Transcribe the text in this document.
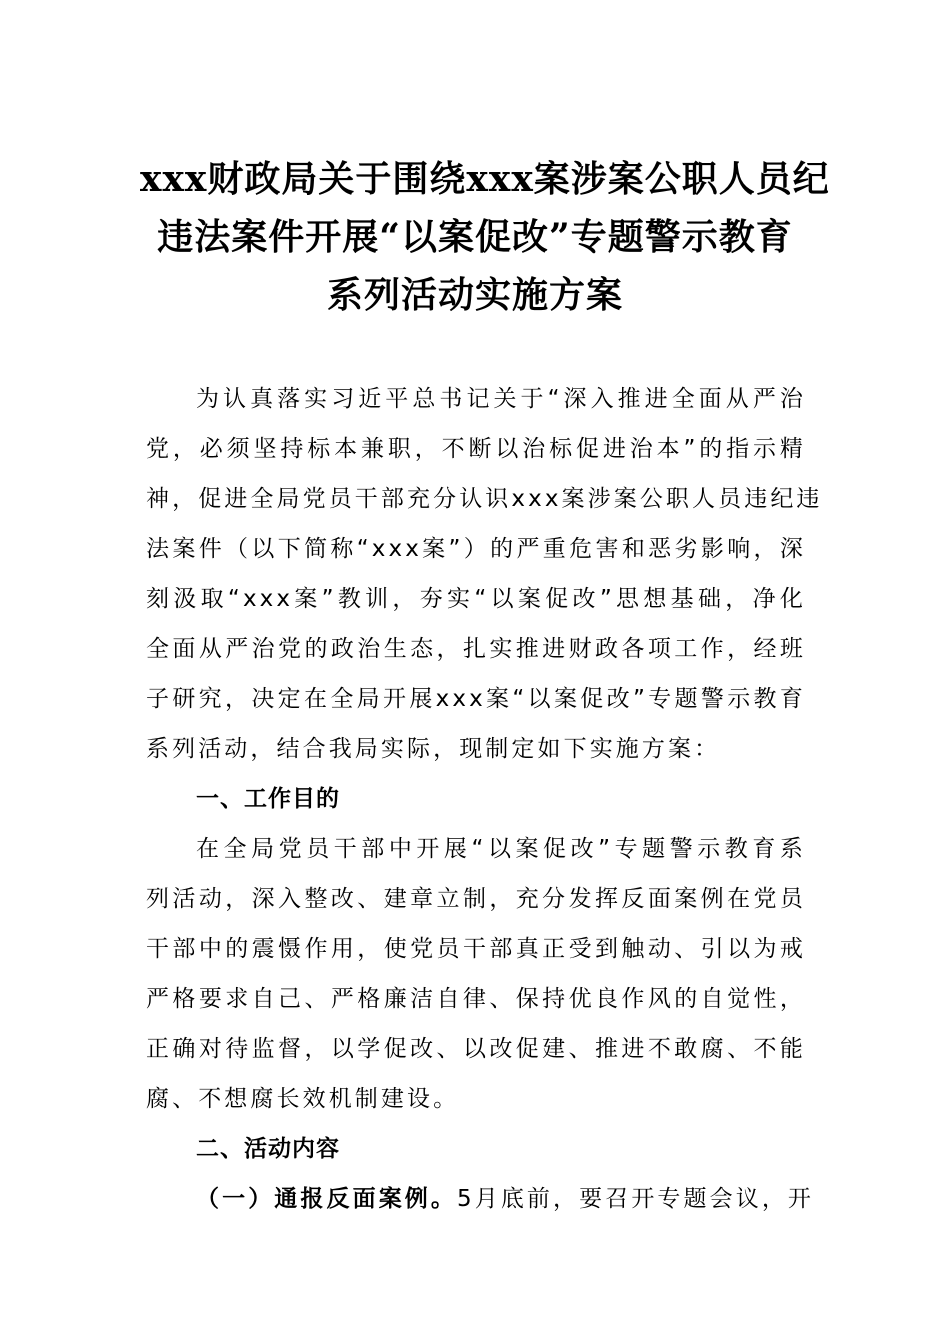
xxx财政局关于围绕xxx案涉案公职人员纪
违法案件开展“以案促改”专题警示教育
系列活动实施方案
为认真落实习近平总书记关于“深入推进全面从严治
党，必须坚持标本兼职，不断以治标促进治本”的指示精
神，促进全局党员干部充分认识xxx案涉案公职人员违纪违
法案件（以下简称“xxx案”）的严重危害和恶劣影响，深
刻汲取“xxx案”教训，夯实“以案促改”思想基础，净化
全面从严治党的政治生态，扎实推进财政各项工作，经班
子研究，决定在全局开展xxx案“以案促改”专题警示教育
系列活动，结合我局实际，现制定如下实施方案：
一、工作目的
在全局党员干部中开展“以案促改”专题警示教育系
列活动，深入整改、建章立制，充分发挥反面案例在党员
干部中的震慑作用，使党员干部真正受到触动、引以为戒
严格要求自己、严格廉洁自律、保持优良作风的自觉性，
正确对待监督，以学促改、以改促建、推进不敢腐、不能
腐、不想腐长效机制建设。
二、活动内容
（一）通报反面案例。5月底前，要召开专题会议，开
